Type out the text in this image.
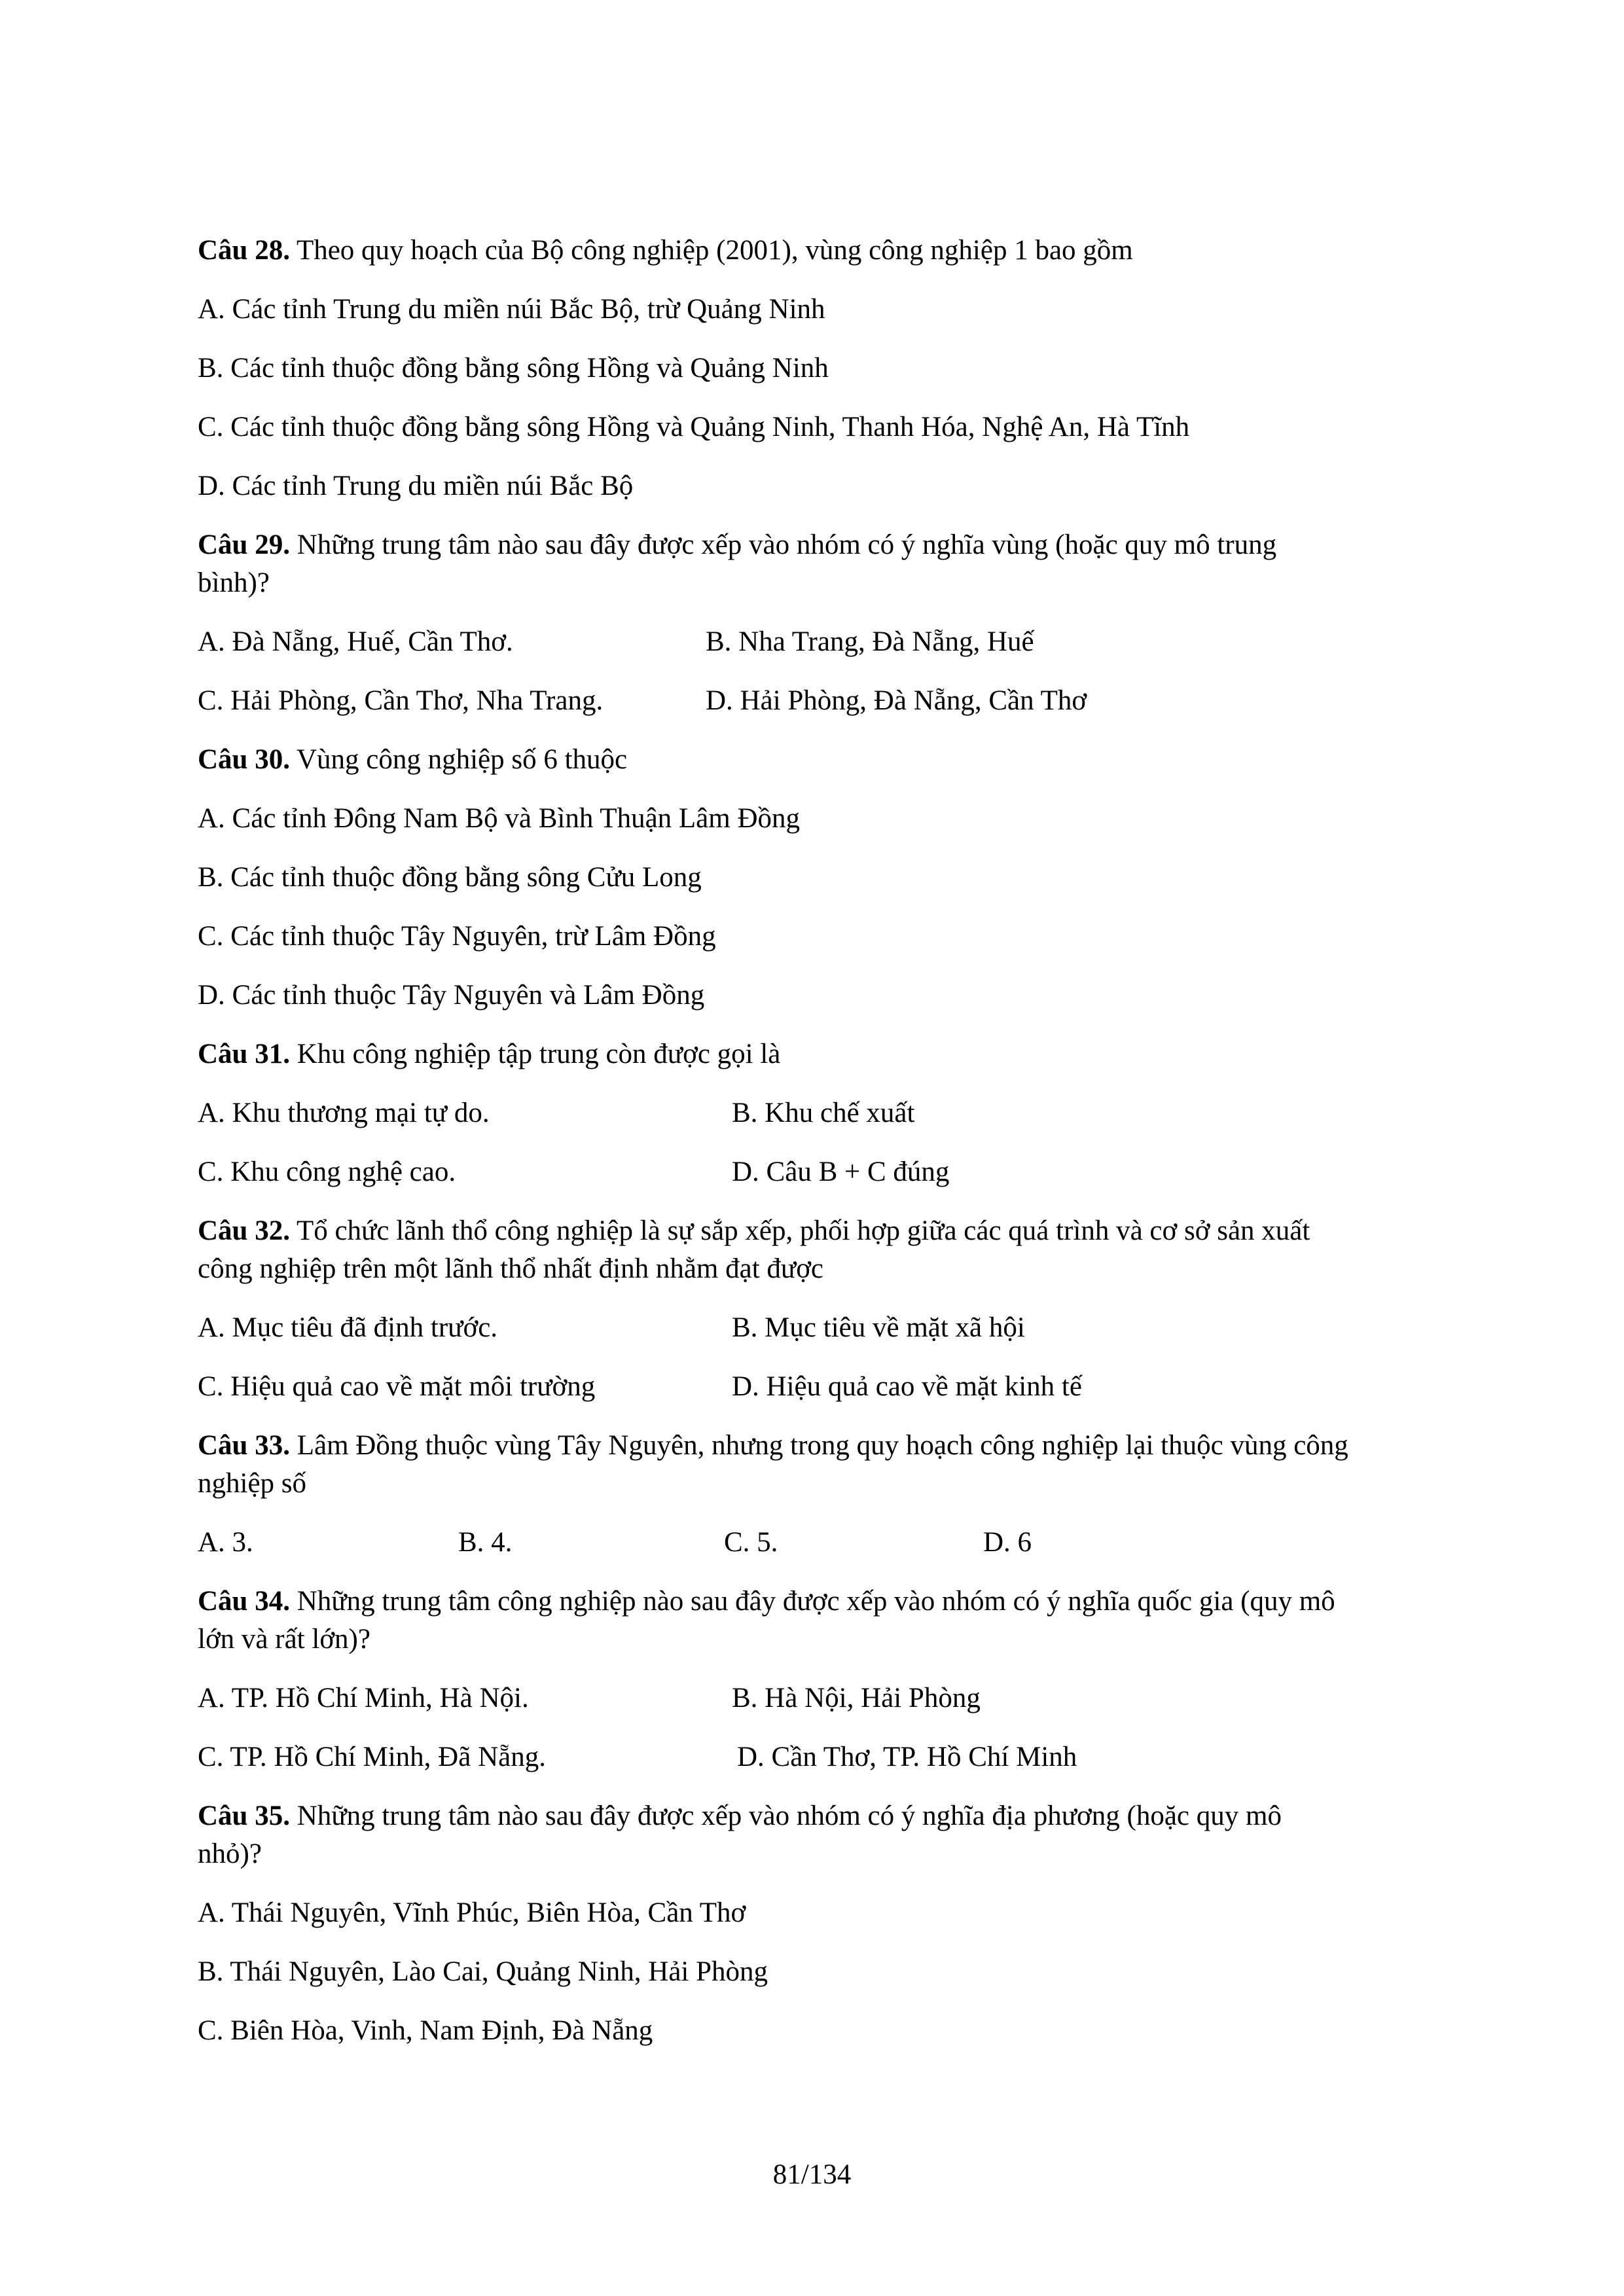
Câu 28. Theo quy hoạch của Bộ công nghiệp (2001), vùng công nghiệp 1 bao gồm
A. Các tỉnh Trung du miền núi Bắc Bộ, trừ Quảng Ninh
B. Các tỉnh thuộc đồng bằng sông Hồng và Quảng Ninh
C. Các tỉnh thuộc đồng bằng sông Hồng và Quảng Ninh, Thanh Hóa, Nghệ An, Hà Tĩnh
D. Các tỉnh Trung du miền núi Bắc Bộ
Câu 29. Những trung tâm nào sau đây được xếp vào nhóm có ý nghĩa vùng (hoặc quy mô trung
bình)?
A. Đà Nẵng, Huế, Cần Thơ.	B. Nha Trang, Đà Nẵng, Huế
C. Hải Phòng, Cần Thơ, Nha Trang.	D. Hải Phòng, Đà Nẵng, Cần Thơ
Câu 30. Vùng công nghiệp số 6 thuộc
A. Các tỉnh Đông Nam Bộ và Bình Thuận Lâm Đồng
B. Các tỉnh thuộc đồng bằng sông Cửu Long
C. Các tỉnh thuộc Tây Nguyên, trừ Lâm Đồng
D. Các tỉnh thuộc Tây Nguyên và Lâm Đồng
Câu 31. Khu công nghiệp tập trung còn được gọi là
A. Khu thương mại tự do.	B. Khu chế xuất
C. Khu công nghệ cao.	D. Câu B + C đúng
Câu 32. Tổ chức lãnh thổ công nghiệp là sự sắp xếp, phối hợp giữa các quá trình và cơ sở sản xuất
công nghiệp trên một lãnh thổ nhất định nhằm đạt được
A. Mục tiêu đã định trước.	B. Mục tiêu về mặt xã hội
C. Hiệu quả cao về mặt môi trường	D. Hiệu quả cao về mặt kinh tế
Câu 33. Lâm Đồng thuộc vùng Tây Nguyên, nhưng trong quy hoạch công nghiệp lại thuộc vùng công
nghiệp số
A. 3.	B. 4.	C. 5.	D. 6
Câu 34. Những trung tâm công nghiệp nào sau đây được xếp vào nhóm có ý nghĩa quốc gia (quy mô
lớn và rất lớn)?
A. TP. Hồ Chí Minh, Hà Nội.	B. Hà Nội, Hải Phòng
C. TP. Hồ Chí Minh, Đã Nẵng.	D. Cần Thơ, TP. Hồ Chí Minh
Câu 35. Những trung tâm nào sau đây được xếp vào nhóm có ý nghĩa địa phương (hoặc quy mô
nhỏ)?
A. Thái Nguyên, Vĩnh Phúc, Biên Hòa, Cần Thơ
B. Thái Nguyên, Lào Cai, Quảng Ninh, Hải Phòng
C. Biên Hòa, Vinh, Nam Định, Đà Nẵng
81/134
